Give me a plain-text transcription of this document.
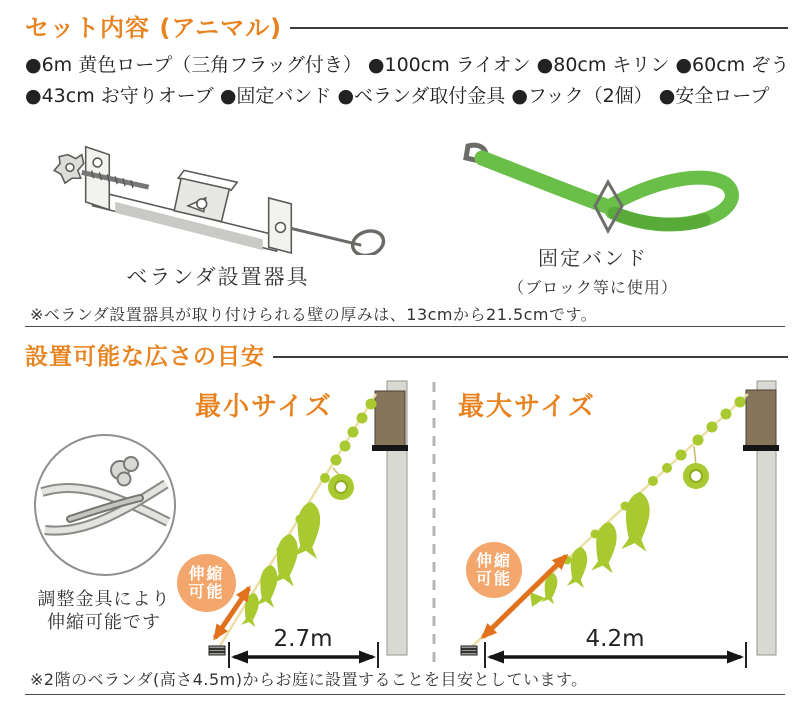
セット内容 (アニマル)
●6m 黄色ロープ（三角フラッグ付き） ●100cm ライオン ●80cm キリン ●60cm ぞう
●43cm お守りオーブ ●固定バンド ●ベランダ取付金具 ●フック（2個） ●安全ロープ
ベランダ設置器具
固定バンド
（ブロック等に使用）
※ベランダ設置器具が取り付けられる壁の厚みは、13cmから21.5cmです。
設置可能な広さの目安
最小サイズ	最大サイズ
伸縮
可能
伸縮
可能
2.7m	4.2m
調整金具により
伸縮可能です
※2階のベランダ(高さ4.5m)からお庭に設置することを目安としています。
